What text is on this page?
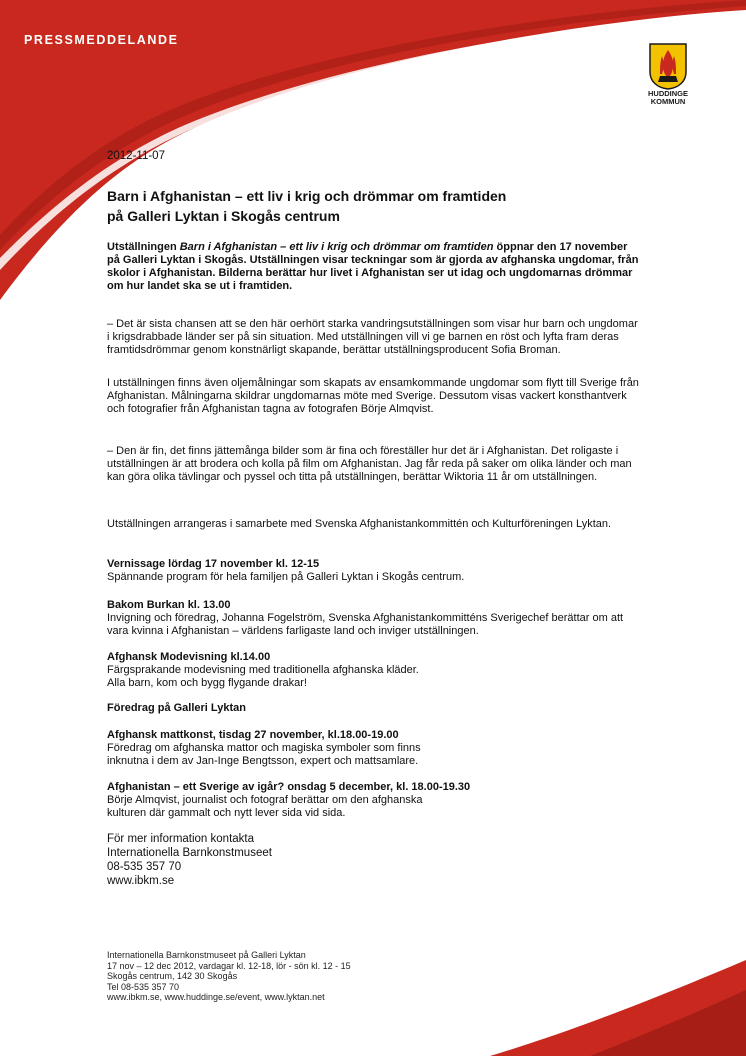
PRESSMEDDELANDE
HUDDINGE
KOMMUN

2012-11-07

Barn i Afghanistan – ett liv i krig och drömmar om framtiden
på Galleri Lyktan i Skogås centrum

Utställningen Barn i Afghanistan – ett liv i krig och drömmar om framtiden öppnar den 17 november på Galleri Lyktan i Skogås. Utställningen visar teckningar som är gjorda av afghanska ungdomar, från skolor i Afghanistan. Bilderna berättar hur livet i Afghanistan ser ut idag och ungdomarnas drömmar om hur landet ska se ut i framtiden.

– Det är sista chansen att se den här oerhört starka vandringsutställningen som visar hur barn och ungdomar i krigsdrabbade länder ser på sin situation. Med utställningen vill vi ge barnen en röst och lyfta fram deras framtidsdrömmar genom konstnärligt skapande, berättar utställningsproducent Sofia Broman.

I utställningen finns även oljemålningar som skapats av ensamkommande ungdomar som flytt till Sverige från Afghanistan. Målningarna skildrar ungdomarnas möte med Sverige. Dessutom visas vackert konsthantverk och fotografier från Afghanistan tagna av fotografen Börje Almqvist.

– Den är fin, det finns jättemånga bilder som är fina och föreställer hur det är i Afghanistan. Det roligaste i utställningen är att brodera och kolla på film om Afghanistan. Jag får reda på saker om olika länder och man kan göra olika tävlingar och pyssel och titta på utställningen, berättar Wiktoria 11 år om utställningen.

Utställningen arrangeras i samarbete med Svenska Afghanistankommittén och Kulturföreningen Lyktan.

Vernissage lördag 17 november kl. 12-15
Spännande program för hela familjen på Galleri Lyktan i Skogås centrum.
Bakom Burkan kl. 13.00
Invigning och föredrag, Johanna Fogelström, Svenska Afghanistankommitténs Sverigechef berättar om att
vara kvinna i Afghanistan – världens farligaste land och inviger utställningen.
Afghansk Modevisning kl.14.00
Färgsprakande modevisning med traditionella afghanska kläder.
Alla barn, kom och bygg flygande drakar!
Föredrag på Galleri Lyktan
Afghansk mattkonst, tisdag 27 november, kl.18.00-19.00
Föredrag om afghanska mattor och magiska symboler som finns
inknutna i dem av Jan-Inge Bengtsson, expert och mattsamlare.
Afghanistan – ett Sverige av igår? onsdag 5 december, kl. 18.00-19.30
Börje Almqvist, journalist och fotograf berättar om den afghanska
kulturen där gammalt och nytt lever sida vid sida.
För mer information kontakta
Internationella Barnkonstmuseet
08-535 357 70
www.ibkm.se
Internationella Barnkonstmuseet på Galleri Lyktan
17 nov – 12 dec 2012, vardagar kl. 12-18, lör - sön kl. 12 - 15
Skogås centrum, 142 30 Skogås
Tel 08-535 357 70
www.ibkm.se, www.huddinge.se/event, www.lyktan.net
